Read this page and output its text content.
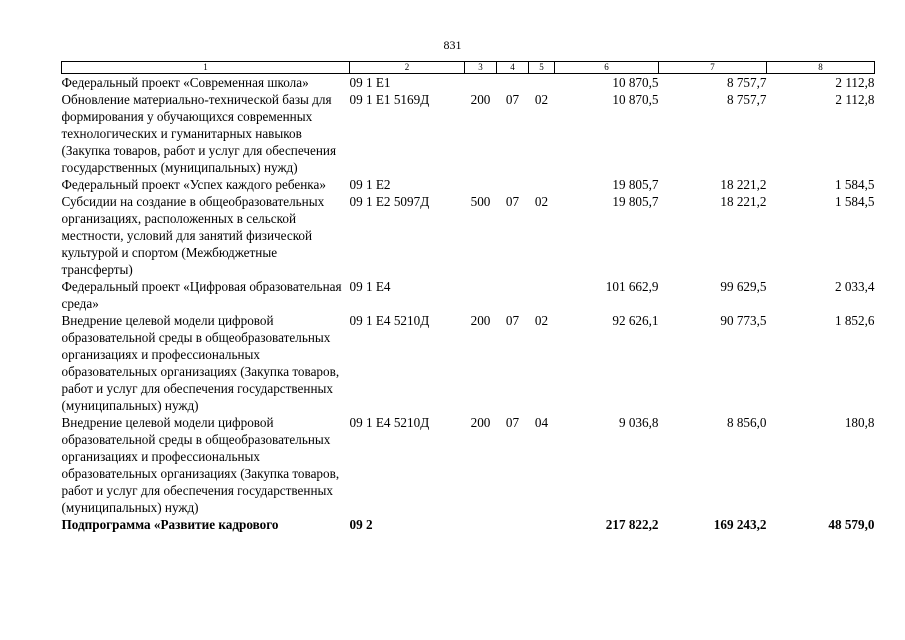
831
1	2	3	4	5	6	7	8
Федеральный проект «Современная школа»	09 1 E1				10 870,5	8 757,7	2 112,8
Обновление материально-технической базы для формирования у обучающихся современных технологических и гуманитарных навыков (Закупка товаров, работ и услуг для обеспечения государственных (муниципальных) нужд)	09 1 E1 5169Д	200	07	02	10 870,5	8 757,7	2 112,8
Федеральный проект «Успех каждого ребенка»	09 1 E2				19 805,7	18 221,2	1 584,5
Субсидии на создание в общеобразовательных организациях, расположенных в сельской местности, условий для занятий физической культурой и спортом (Межбюджетные трансферты)	09 1 E2 5097Д	500	07	02	19 805,7	18 221,2	1 584,5
Федеральный проект «Цифровая образовательная среда»	09 1 E4				101 662,9	99 629,5	2 033,4
Внедрение целевой модели цифровой образовательной среды в общеобразовательных организациях и профессиональных образовательных организациях (Закупка товаров, работ и услуг для обеспечения государственных (муниципальных) нужд)	09 1 E4 5210Д	200	07	02	92 626,1	90 773,5	1 852,6
Внедрение целевой модели цифровой образовательной среды в общеобразовательных организациях и профессиональных образовательных организациях (Закупка товаров, работ и услуг для обеспечения государственных (муниципальных) нужд)	09 1 E4 5210Д	200	07	04	9 036,8	8 856,0	180,8
Подпрограмма «Развитие кадрового	09 2				217 822,2	169 243,2	48 579,0
